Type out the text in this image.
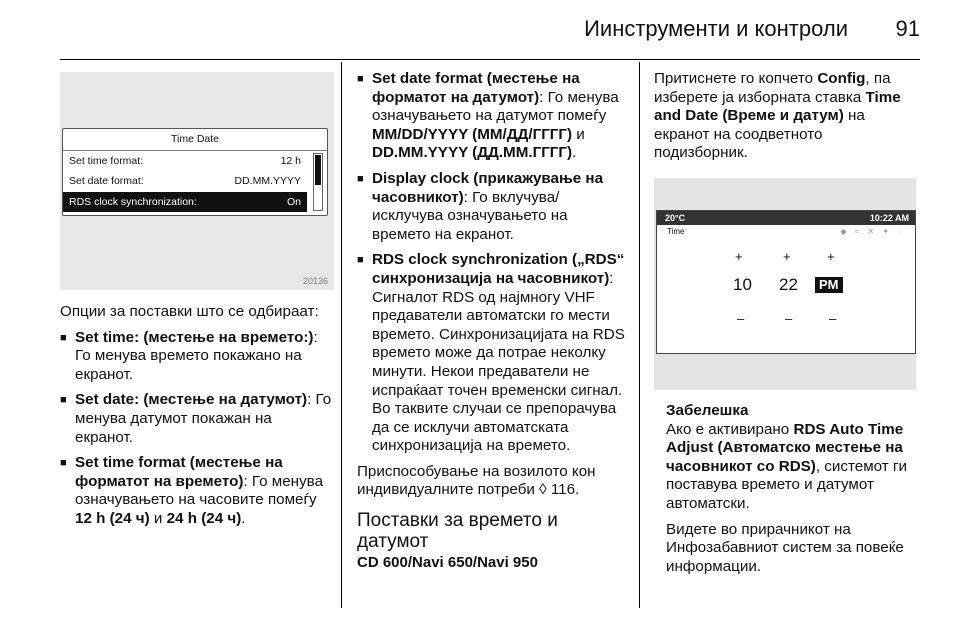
Иинструменти и контроли 91
Time Date
Set time format:	12 h
Set date format:	DD.MM.YYYY
RDS clock synchronization:	On
20136

Опции за поставки што се одбираат:

■ Set time: (местење на времето:): Го менува времето покажано на екранот.
■ Set date: (местење на датумот): Го менува датумот покажан на екранот.
■ Set time format (местење на форматот на времето): Го менува означувањето на часовите помеѓу 12 h (24 ч) и 24 h (24 ч).
■ Set date format (местење на форматот на датумот): Го менува означувањето на датумот помеѓу MM/DD/YYYY (ММ/ДД/ГГГГ) и DD.MM.YYYY (ДД.ММ.ГГГГ).
■ Display clock (прикажување на часовникот): Го вклучува/ исклучува означувањето на времето на екранот.
■ RDS clock synchronization („RDS“ синхронизација на часовникот): Сигналот RDS од најмногу VHF предаватели автоматски го мести времето. Синхронизацијата на RDS времето може да потрае неколку минути. Некои предаватели не испраќаат точен временски сигнал. Во таквите случаи се препорачува да се исклучи автоматската синхронизација на времето.

Приспособување на возилото кон индивидуалните потреби ◊ 116.

Поставки за времето и датумот
CD 600/Navi 650/Navi 950

Притиснете го копчето Config, па изберете ја изборната ставка Time and Date (Време и датум) на екранот на соодветното подизборник.

20°C	10:22 AM
Time	◆ ≈ ✕ ✦ ◌
+	+	+
10 22	PM
–	–	–
Забелешка

Ако е активирано RDS Auto Time Adjust (Автоматско местење на часовникот со RDS), системот ги поставува времето и датумот автоматски.

Видете во прирачникот на Инфозабавниот систем за повеќе информации.
